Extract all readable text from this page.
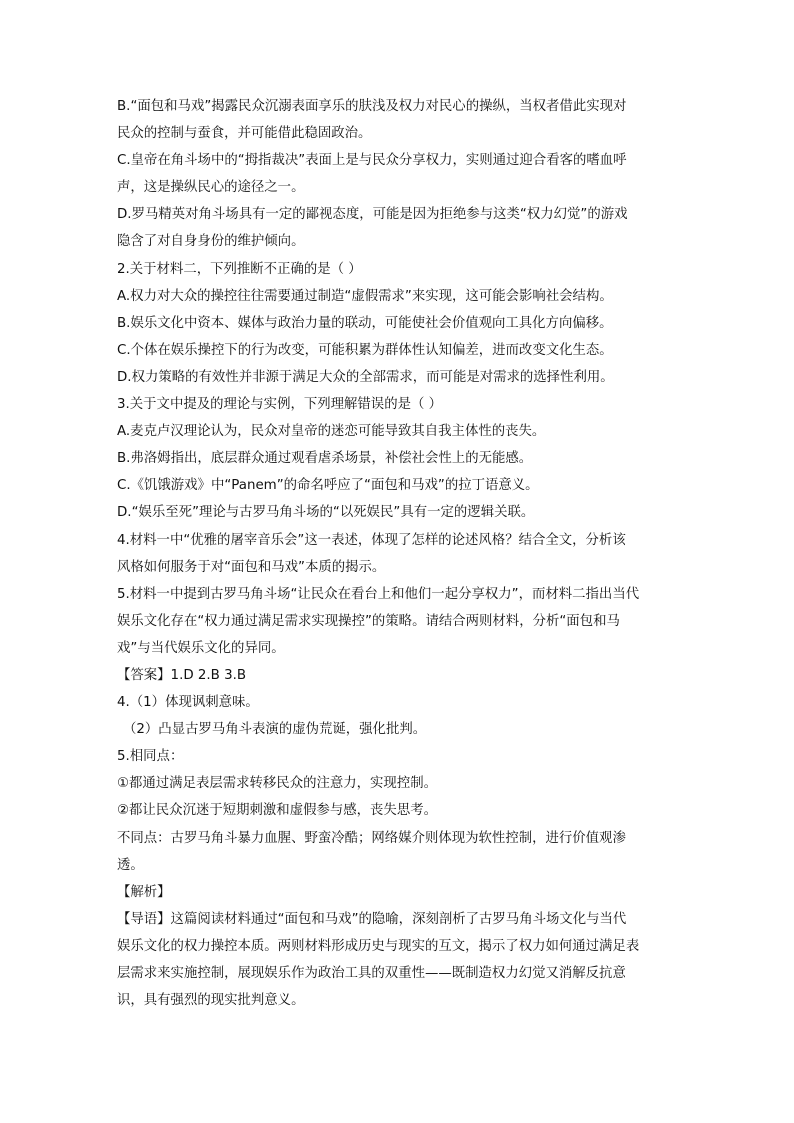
B.“面包和马戏”揭露民众沉溺表面享乐的肤浅及权力对民心的操纵，当权者借此实现对
民众的控制与蚕食，并可能借此稳固政治。
C.皇帝在角斗场中的“拇指裁决”表面上是与民众分享权力，实则通过迎合看客的嗜血呼
声，这是操纵民心的途径之一。
D.罗马精英对角斗场具有一定的鄙视态度，可能是因为拒绝参与这类“权力幻觉”的游戏
隐含了对自身身份的维护倾向。
2.关于材料二，下列推断不正确的是（ ）
A.权力对大众的操控往往需要通过制造“虚假需求”来实现，这可能会影响社会结构。
B.娱乐文化中资本、媒体与政治力量的联动，可能使社会价值观向工具化方向偏移。
C.个体在娱乐操控下的行为改变，可能积累为群体性认知偏差，进而改变文化生态。
D.权力策略的有效性并非源于满足大众的全部需求，而可能是对需求的选择性利用。
3.关于文中提及的理论与实例，下列理解错误的是（ ）
A.麦克卢汉理论认为，民众对皇帝的迷恋可能导致其自我主体性的丧失。
B.弗洛姆指出，底层群众通过观看虐杀场景，补偿社会性上的无能感。
C.《饥饿游戏》中“Panem”的命名呼应了“面包和马戏”的拉丁语意义。
D.“娱乐至死”理论与古罗马角斗场的“以死娱民”具有一定的逻辑关联。
4.材料一中“优雅的屠宰音乐会”这一表述，体现了怎样的论述风格？结合全文，分析该
风格如何服务于对“面包和马戏”本质的揭示。
5.材料一中提到古罗马角斗场“让民众在看台上和他们一起分享权力”，而材料二指出当代
娱乐文化存在“权力通过满足需求实现操控”的策略。请结合两则材料，分析“面包和马
戏”与当代娱乐文化的异同。
【答案】1.D 2.B 3.B
4.（1）体现讽刺意味。
（2）凸显古罗马角斗表演的虚伪荒诞，强化批判。
5.相同点：
①都通过满足表层需求转移民众的注意力，实现控制。
②都让民众沉迷于短期刺激和虚假参与感，丧失思考。
不同点：古罗马角斗暴力血腥、野蛮冷酷；网络媒介则体现为软性控制，进行价值观渗
透。
【解析】
【导语】这篇阅读材料通过“面包和马戏”的隐喻，深刻剖析了古罗马角斗场文化与当代
娱乐文化的权力操控本质。两则材料形成历史与现实的互文，揭示了权力如何通过满足表
层需求来实施控制，展现娱乐作为政治工具的双重性——既制造权力幻觉又消解反抗意
识，具有强烈的现实批判意义。
